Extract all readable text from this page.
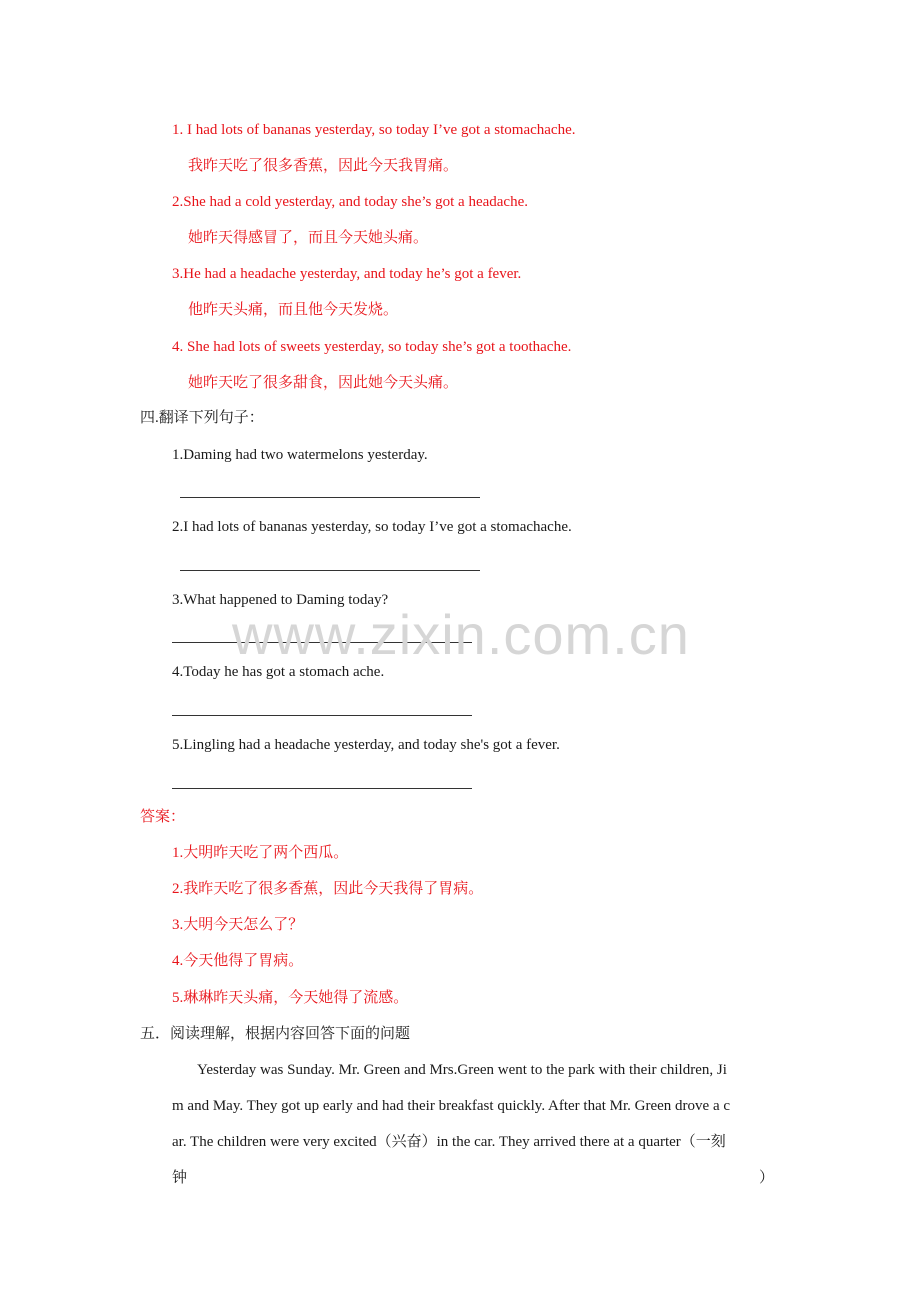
1. I had lots of bananas yesterday, so today I’ve got a stomachache.
我昨天吃了很多香蕉，因此今天我胃痛。
2.She had a cold yesterday, and today she’s got a headache.
她昨天得感冒了，而且今天她头痛。
3.He had a headache yesterday, and today he’s got a fever.
他昨天头痛，而且他今天发烧。
4. She had lots of sweets yesterday, so today she’s got a toothache.
她昨天吃了很多甜食，因此她今天头痛。
四.翻译下列句子：
1.Daming had two watermelons yesterday.
2.I had lots of bananas yesterday, so today I’ve got a stomachache.
3.What happened to Daming today?
4.Today he has got a stomach ache.
5.Lingling had a headache yesterday, and today she's got a fever.
答案：
1.大明昨天吃了两个西瓜。
2.我昨天吃了很多香蕉，因此今天我得了胃病。
3.大明今天怎么了？
4.今天他得了胃病。
5.琳琳昨天头痛，今天她得了流感。
五．阅读理解，根据内容回答下面的问题
Yesterday was Sunday. Mr. Green and Mrs.Green went to the park with their children, Ji
m and May. They got up early and had their breakfast quickly. After that Mr. Green drove a c
ar. The children were very excited（兴奋）in the car. They arrived there at a quarter（一刻
钟	）
www.zixin.com.cn
